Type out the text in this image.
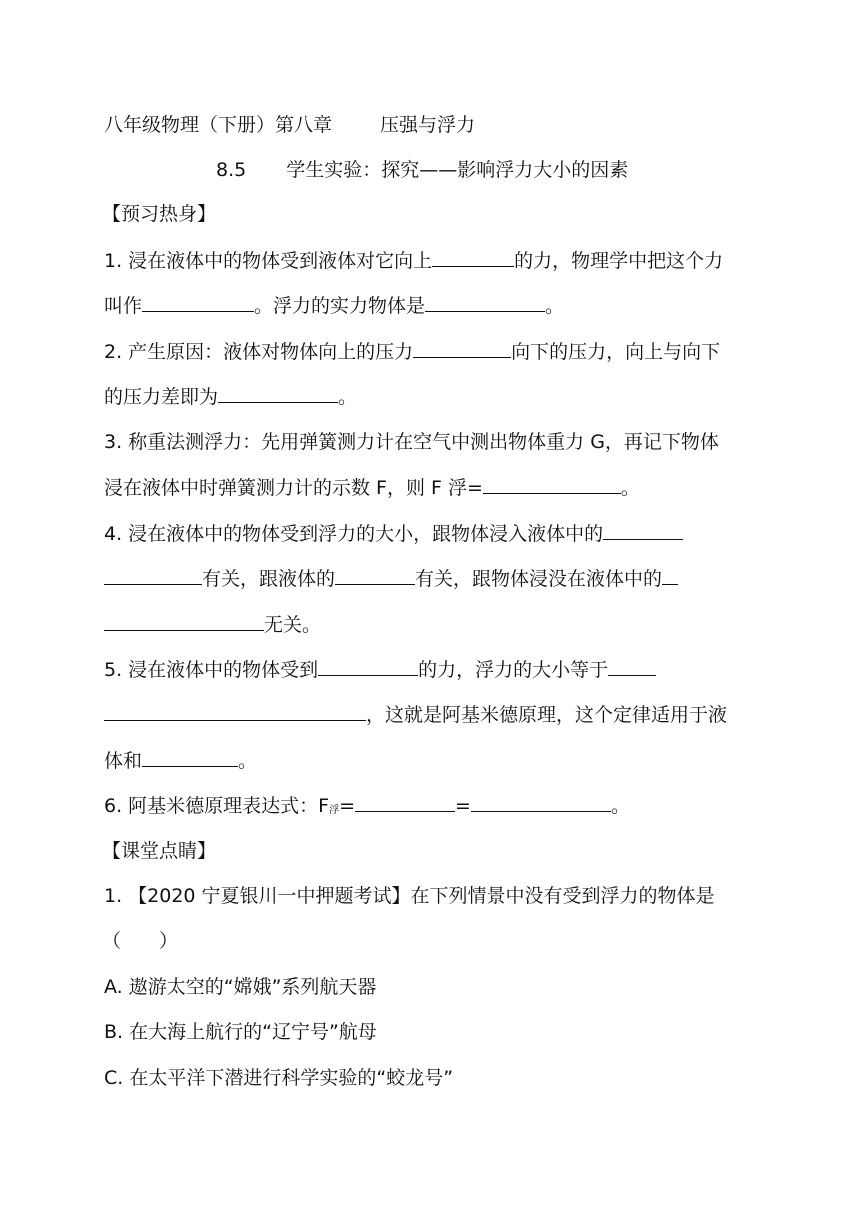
八年级物理（下册）第八章	压强与浮力
8.5 学生实验：探究——影响浮力大小的因素
【预习热身】
1. 浸在液体中的物体受到液体对它向上	的力，物理学中把这个力
叫作	。浮力的实力物体是	。
2. 产生原因：液体对物体向上的压力	向下的压力，向上与向下
的压力差即为	。
3. 称重法测浮力：先用弹簧测力计在空气中测出物体重力 G，再记下物体
浸在液体中时弹簧测力计的示数 F，则 F 浮=	。
4. 浸在液体中的物体受到浮力的大小，跟物体浸入液体中的
有关，跟液体的	有关，跟物体浸没在液体中的
无关。
5. 浸在液体中的物体受到	的力，浮力的大小等于
，这就是阿基米德原理，这个定律适用于液
体和	。
6. 阿基米德原理表达式：F浮=	=	。
【课堂点睛】
1. 【2020 宁夏银川一中押题考试】在下列情景中没有受到浮力的物体是
（　　）
A. 遨游太空的“嫦娥”系列航天器
B. 在大海上航行的“辽宁号”航母
C. 在太平洋下潜进行科学实验的“蛟龙号”
